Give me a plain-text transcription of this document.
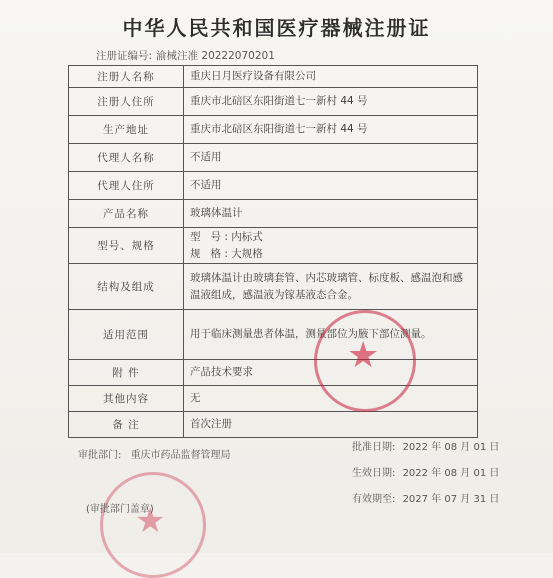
中华人民共和国医疗器械注册证
注册证编号: 渝械注准 20222070201
注册人名称	重庆日月医疗设备有限公司
注册人住所	重庆市北碚区东阳街道七一新村 44 号
生产地址	重庆市北碚区东阳街道七一新村 44 号
代理人名称	不适用
代理人住所	不适用
产品名称	玻璃体温计
型号、规格	型   号 : 内标式
规   格 : 大规格

结构及组成	玻璃体温计由玻璃套管、内芯玻璃管、标度板、感温泡和感温液组成，感温液为镓基液态合金。
适用范围	用于临床测量患者体温，测量部位为腋下部位测量。
附 件	产品技术要求
其他内容	无
备 注	首次注册
★
★
审批部门: 重庆市药品监督管理局
批准日期: 2022 年 08 月 01 日
生效日期: 2022 年 08 月 01 日
有效期至: 2027 年 07 月 31 日
(审批部门盖章)
